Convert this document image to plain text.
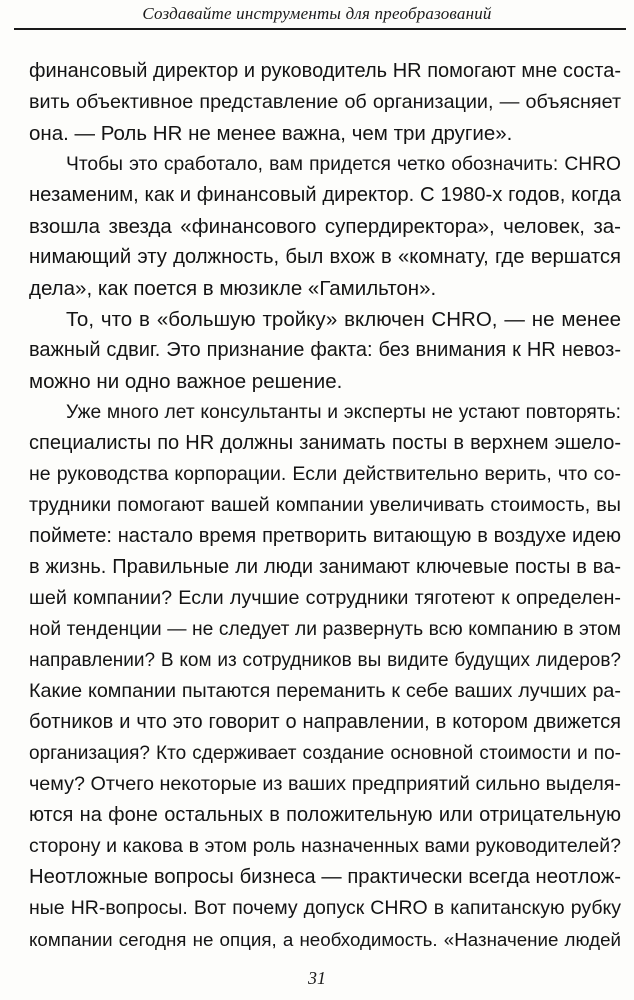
Создавайте инструменты для преобразований
финансовый директор и руководитель HR помогают мне соста-
вить объективное представление об организации, — объясняет
она. — Роль HR не менее важна, чем три другие».
Чтобы это сработало, вам придется четко обозначить: CHRO
незаменим, как и финансовый директор. С 1980-х годов, когда
взошла звезда «финансового супердиректора», человек, за-
нимающий эту должность, был вхож в «комнату, где вершатся
дела», как поется в мюзикле «Гамильтон».
То, что в «большую тройку» включен CHRO, — не менее
важный сдвиг. Это признание факта: без внимания к HR невоз-
можно ни одно важное решение.
Уже много лет консультанты и эксперты не устают повторять:
специалисты по HR должны занимать посты в верхнем эшело-
не руководства корпорации. Если действительно верить, что со-
трудники помогают вашей компании увеличивать стоимость, вы
поймете: настало время претворить витающую в воздухе идею
в жизнь. Правильные ли люди занимают ключевые посты в ва-
шей компании? Если лучшие сотрудники тяготеют к определен-
ной тенденции — не следует ли развернуть всю компанию в этом
направлении? В ком из сотрудников вы видите будущих лидеров?
Какие компании пытаются переманить к себе ваших лучших ра-
ботников и что это говорит о направлении, в котором движется
организация? Кто сдерживает создание основной стоимости и по-
чему? Отчего некоторые из ваших предприятий сильно выделя-
ются на фоне остальных в положительную или отрицательную
сторону и какова в этом роль назначенных вами руководителей?
Неотложные вопросы бизнеса — практически всегда неотлож-
ные HR-вопросы. Вот почему допуск CHRO в капитанскую рубку
компании сегодня не опция, а необходимость. «Назначение людей
31
